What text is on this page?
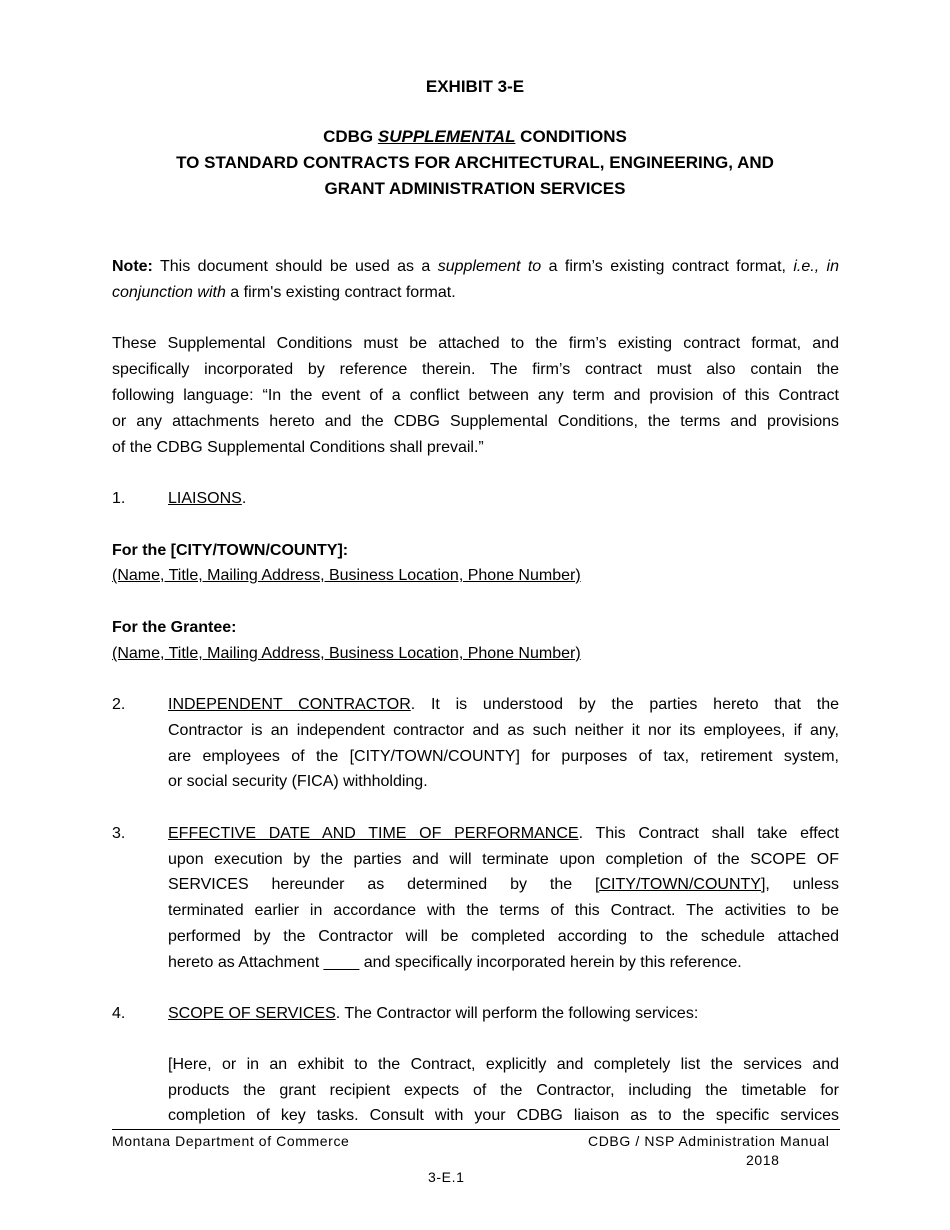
EXHIBIT 3-E
CDBG SUPPLEMENTAL CONDITIONS
TO STANDARD CONTRACTS FOR ARCHITECTURAL, ENGINEERING, AND
GRANT ADMINISTRATION SERVICES
Note: This document should be used as a supplement to a firm’s existing contract format, i.e., in
conjunction with a firm's existing contract format.
These Supplemental Conditions must be attached to the firm’s existing contract format, and
specifically incorporated by reference therein. The firm’s contract must also contain the
following language: “In the event of a conflict between any term and provision of this Contract
or any attachments hereto and the CDBG Supplemental Conditions, the terms and provisions
of the CDBG Supplemental Conditions shall prevail.”
1.	LIAISONS.
For the [CITY/TOWN/COUNTY]:
(Name, Title, Mailing Address, Business Location, Phone Number)
For the Grantee:
(Name, Title, Mailing Address, Business Location, Phone Number)
2.	INDEPENDENT CONTRACTOR. It is understood by the parties hereto that the
Contractor is an independent contractor and as such neither it nor its employees, if any,
are employees of the [CITY/TOWN/COUNTY] for purposes of tax, retirement system,
or social security (FICA) withholding.
3.	EFFECTIVE DATE AND TIME OF PERFORMANCE. This Contract shall take effect
upon execution by the parties and will terminate upon completion of the SCOPE OF
SERVICES hereunder as determined by the [CITY/TOWN/COUNTY], unless
terminated earlier in accordance with the terms of this Contract. The activities to be
performed by the Contractor will be completed according to the schedule attached
hereto as Attachment ____ and specifically incorporated herein by this reference.
4.	SCOPE OF SERVICES. The Contractor will perform the following services:
[Here, or in an exhibit to the Contract, explicitly and completely list the services and
products the grant recipient expects of the Contractor, including the timetable for
completion of key tasks. Consult with your CDBG liaison as to the specific services
Montana Department of Commerce	CDBG / NSP Administration Manual
2018
3-E.1
